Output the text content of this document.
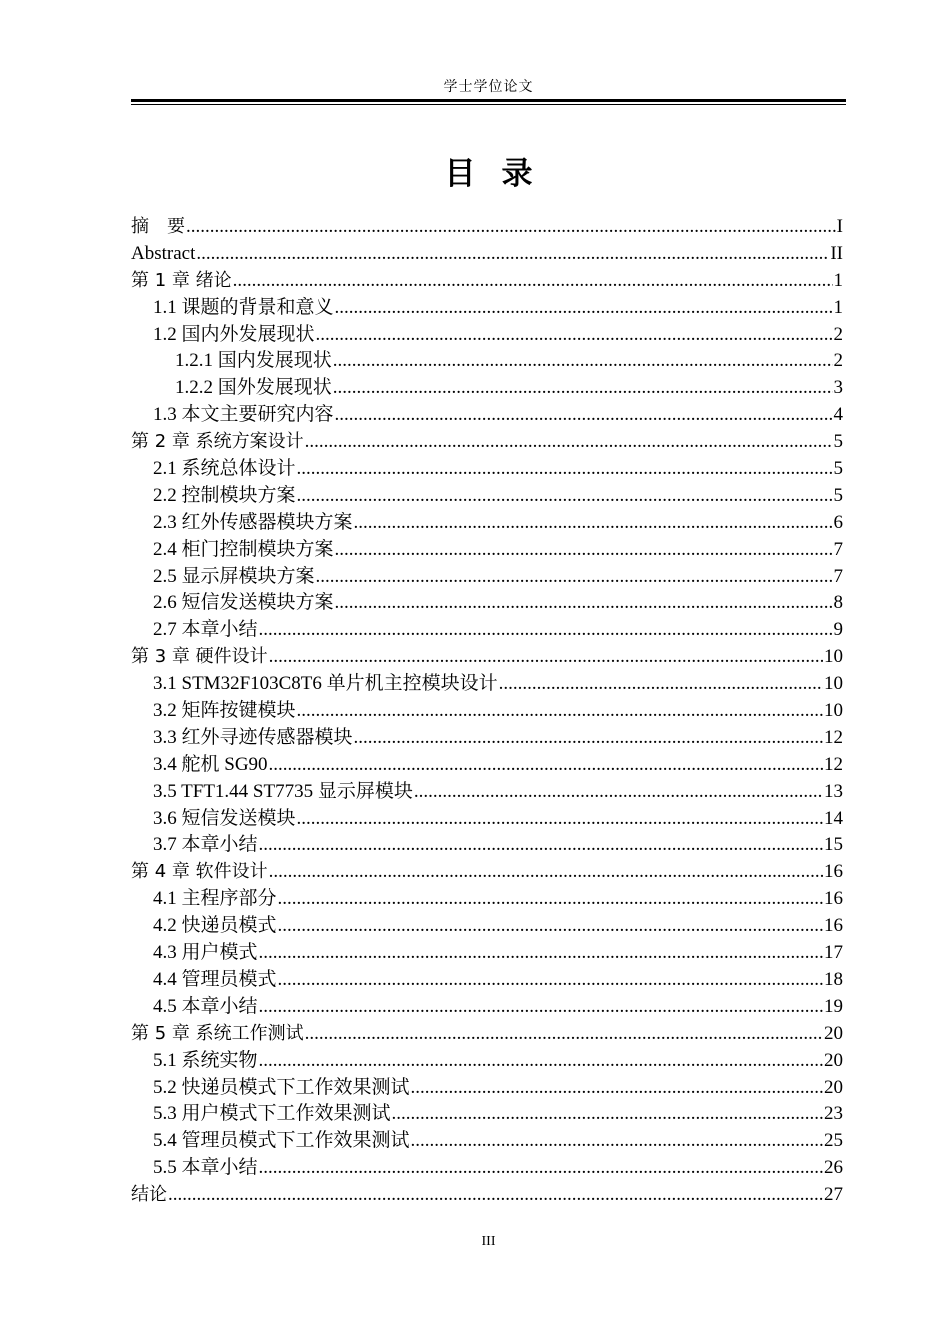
学士学位论文
目录
摘　要 .....	I
Abstract .....	II
第 1 章 绪论 .....	1
1.1 课题的背景和意义 .....	1
1.2 国内外发展现状 .....	2
1.2.1 国内发展现状 .....	2
1.2.2 国外发展现状 .....	3
1.3 本文主要研究内容 .....	4
第 2 章 系统方案设计 .....	5
2.1 系统总体设计 .....	5
2.2 控制模块方案 .....	5
2.3 红外传感器模块方案 .....	6
2.4 柜门控制模块方案 .....	7
2.5 显示屏模块方案 .....	7
2.6 短信发送模块方案 .....	8
2.7 本章小结 .....	9
第 3 章 硬件设计 .....	10
3.1 STM32F103C8T6 单片机主控模块设计 .....	10
3.2 矩阵按键模块 .....	10
3.3 红外寻迹传感器模块 .....	12
3.4 舵机 SG90 .....	12
3.5 TFT1.44 ST7735 显示屏模块 .....	13
3.6 短信发送模块 .....	14
3.7 本章小结 .....	15
第 4 章 软件设计 .....	16
4.1 主程序部分 .....	16
4.2 快递员模式 .....	16
4.3 用户模式 .....	17
4.4 管理员模式 .....	18
4.5 本章小结 .....	19
第 5 章 系统工作测试 .....	20
5.1 系统实物 .....	20
5.2 快递员模式下工作效果测试 .....	20
5.3 用户模式下工作效果测试 .....	23
5.4 管理员模式下工作效果测试 .....	25
5.5 本章小结 .....	26
结论 .....	27
III
